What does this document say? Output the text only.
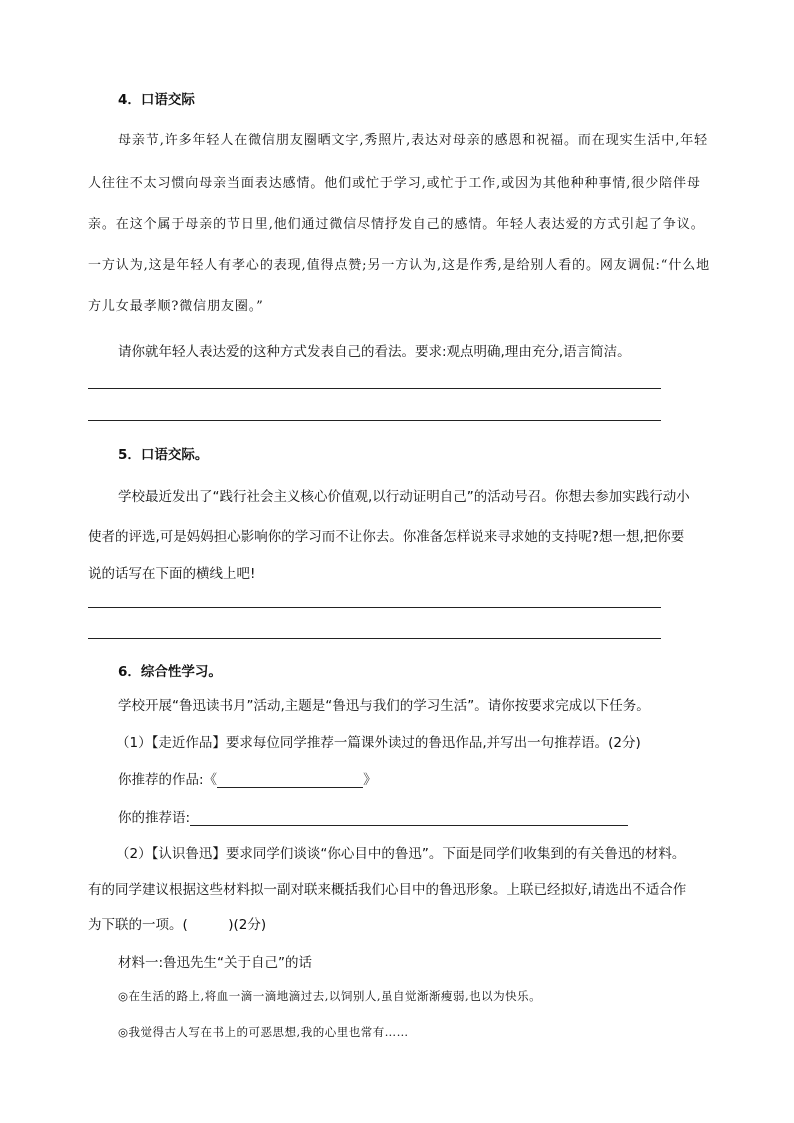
4．口语交际
母亲节,许多年轻人在微信朋友圈晒文字,秀照片,表达对母亲的感恩和祝福。而在现实生活中,年轻
人往往不太习惯向母亲当面表达感情。他们或忙于学习,或忙于工作,或因为其他种种事情,很少陪伴母
亲。在这个属于母亲的节日里,他们通过微信尽情抒发自己的感情。年轻人表达爱的方式引起了争议。
一方认为,这是年轻人有孝心的表现,值得点赞;另一方认为,这是作秀,是给别人看的。网友调侃:“什么地
方儿女最孝顺?微信朋友圈。”
请你就年轻人表达爱的这种方式发表自己的看法。要求:观点明确,理由充分,语言简洁。
5．口语交际。
学校最近发出了“践行社会主义核心价值观,以行动证明自己”的活动号召。你想去参加实践行动小
使者的评选,可是妈妈担心影响你的学习而不让你去。你准备怎样说来寻求她的支持呢?想一想,把你要
说的话写在下面的横线上吧!
6．综合性学习。
学校开展“鲁迅读书月”活动,主题是“鲁迅与我们的学习生活”。请你按要求完成以下任务。
（1）【走近作品】要求每位同学推荐一篇课外读过的鲁迅作品,并写出一句推荐语。(2分)
你推荐的作品:《	》
你的推荐语:
（2）【认识鲁迅】要求同学们谈谈“你心目中的鲁迅”。下面是同学们收集到的有关鲁迅的材料。
有的同学建议根据这些材料拟一副对联来概括我们心目中的鲁迅形象。上联已经拟好,请选出不适合作
为下联的一项。(　　　)(2分)
材料一:鲁迅先生“关于自己”的话
◎在生活的路上,将血一滴一滴地滴过去,以饲别人,虽自觉渐渐瘦弱,也以为快乐。
◎我觉得古人写在书上的可恶思想,我的心里也常有……
